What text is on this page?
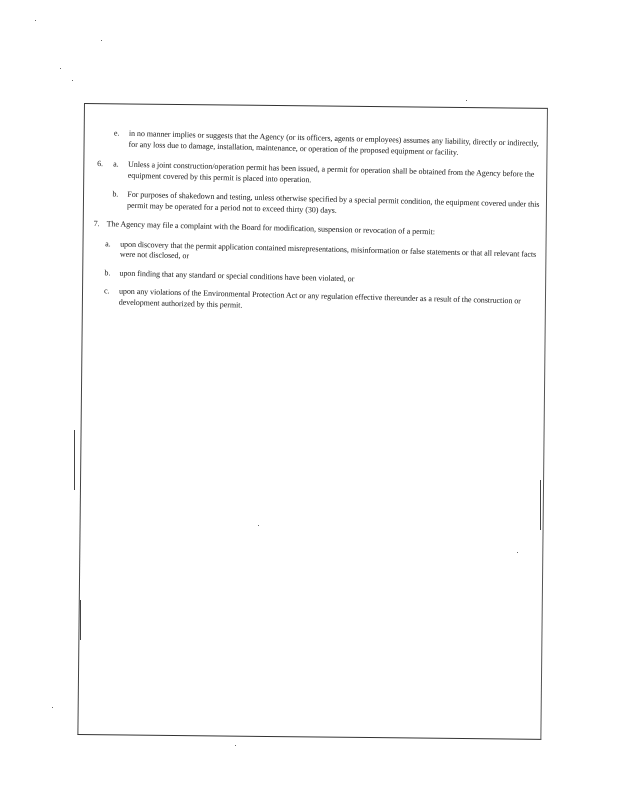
e. in no manner implies or suggests that the Agency (or its officers, agents or employees) assumes any liability, directly or indirectly, for any loss due to damage, installation, maintenance, or operation of the proposed equipment or facility.
a.
6.	Unless a joint construction/operation permit has been issued, a permit for operation shall be obtained from the Agency before the equipment covered by this permit is placed into operation.
b. For purposes of shakedown and testing, unless otherwise specified by a special permit condition, the equipment covered under this permit may be operated for a period not to exceed thirty (30) days.
7. The Agency may file a complaint with the Board for modification, suspension or revocation of a permit:
a. upon discovery that the permit application contained misrepresentations, misinformation or false statements or that all relevant facts were not disclosed, or
b. upon finding that any standard or special conditions have been violated, or
c. upon any violations of the Environmental Protection Act or any regulation effective thereunder as a result of the construction or development authorized by this permit.
